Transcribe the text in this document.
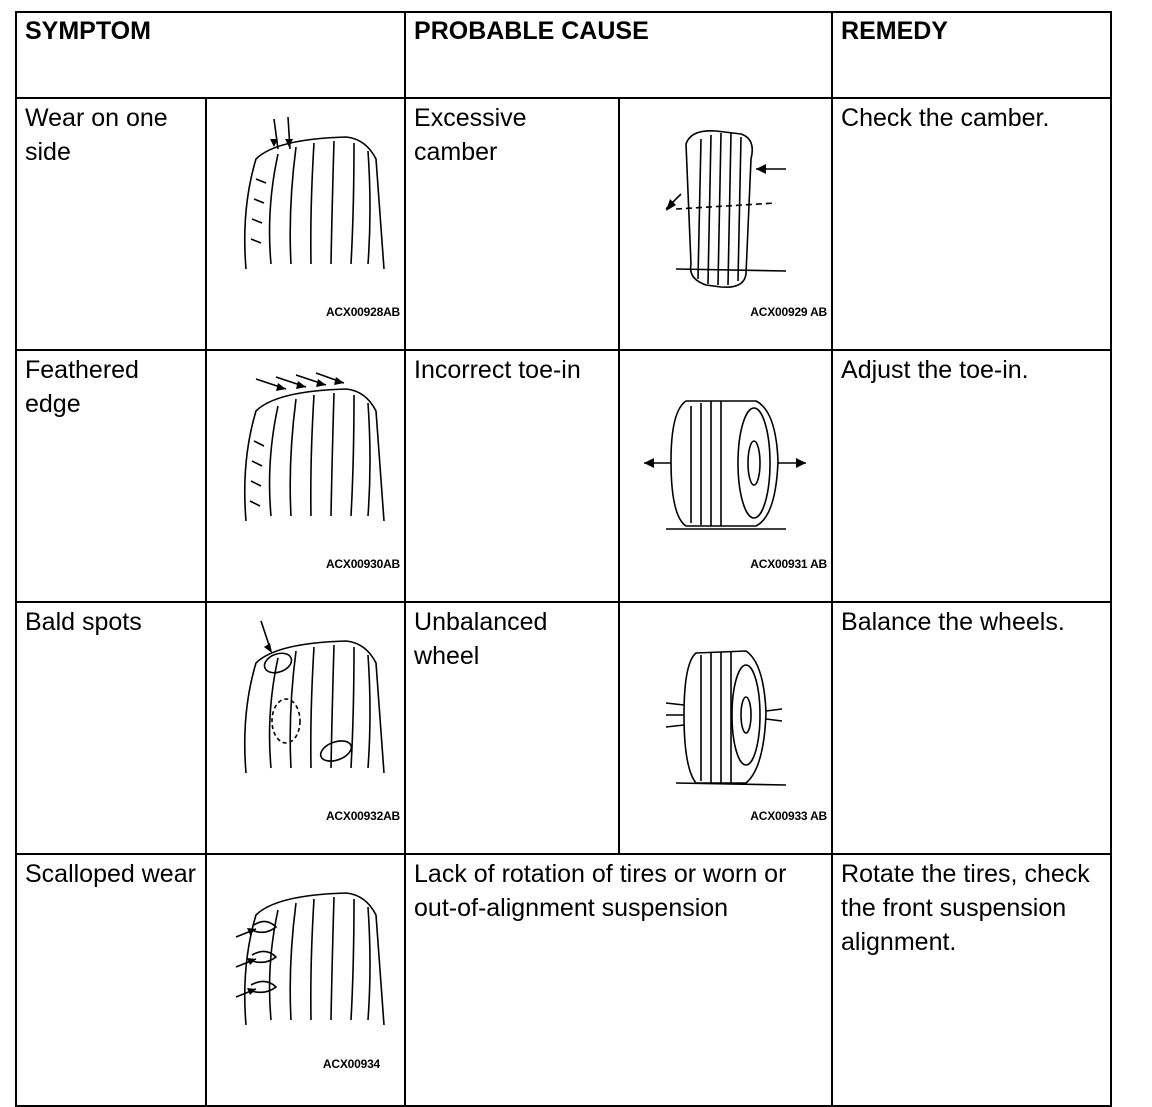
SYMPTOM		PROBABLE CAUSE		REMEDY

Wear on one side	ACX00928AB	Excessive camber	ACX00929 AB	Check the camber.

Feathered edge	ACX00930AB	Incorrect toe-in	ACX00931 AB	Adjust the toe-in.

Bald spots	ACX00932AB	Unbalanced wheel	ACX00933 AB	Balance the wheels.

Scalloped wear	ACX00934	Lack of rotation of tires or worn or out-of-alignment suspension		Rotate the tires, check the front suspension alignment.
